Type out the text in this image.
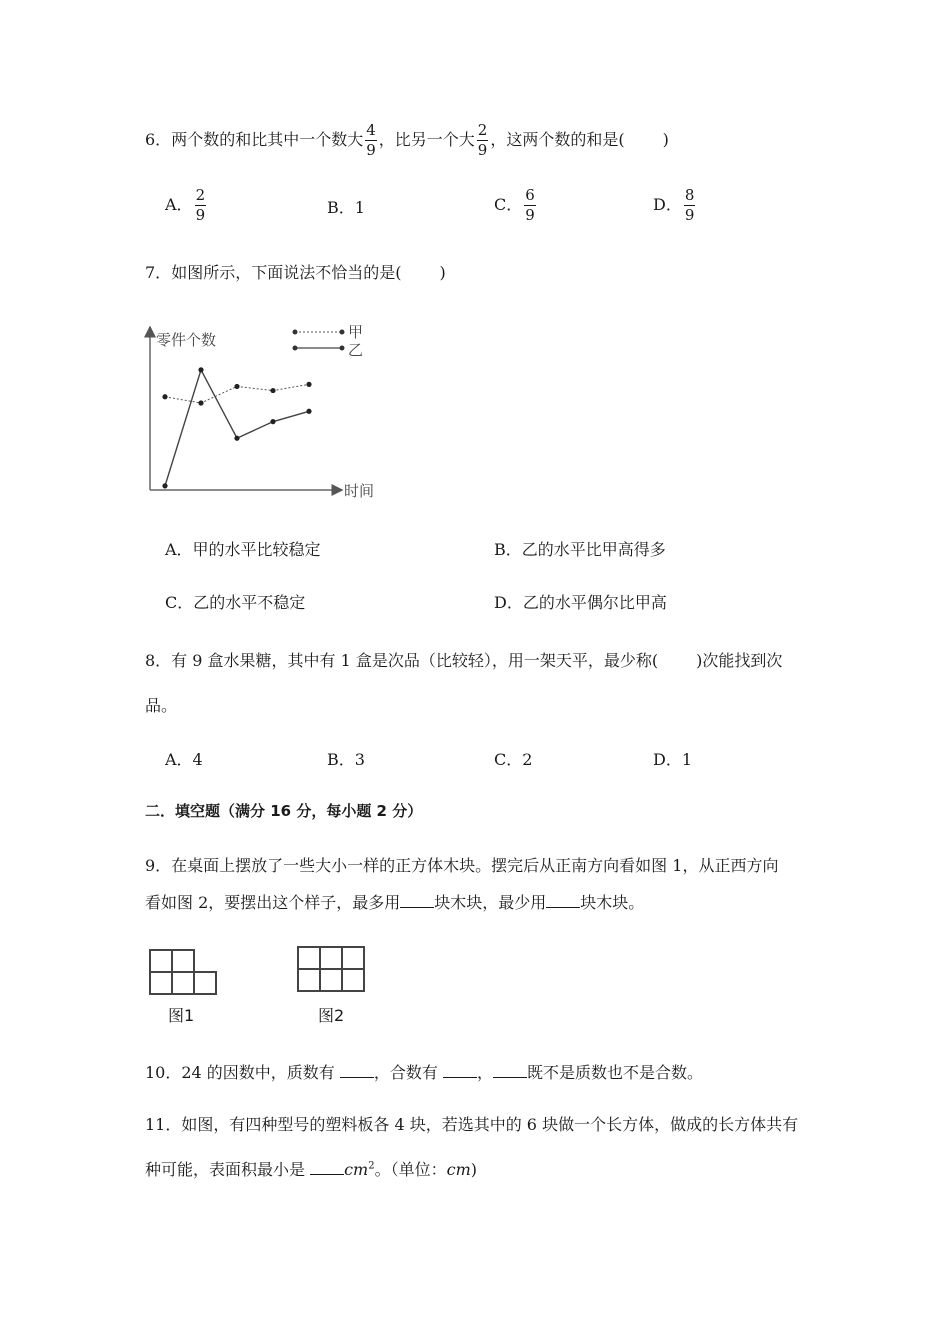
6．两个数的和比其中一个数大 $\frac{4}{9}$ ，比另一个大 $\frac{2}{9}$ ，这两个数的和是( )
A． $\frac{2}{9}$	B．1	C． $\frac{6}{9}$	D． $\frac{8}{9}$
7．如图所示，下面说法不恰当的是( )
零件个数
时间
甲
乙
A．甲的水平比较稳定	B．乙的水平比甲高得多
C．乙的水平不稳定	D．乙的水平偶尔比甲高
8．有 9 盒水果糖，其中有 1 盒是次品（比较轻），用一架天平，最少称( )次能找到次
品。
A．4	B．3	C．2	D．1
二．填空题（满分 16 分，每小题 2 分）
9．在桌面上摆放了一些大小一样的正方体木块。摆完后从正南方向看如图 1，从正西方向
看如图 2，要摆出这个样子，最多用 块木块，最少用 块木块。
图1	图2
10．24 的因数中，质数有 ，合数有 ， 既不是质数也不是合数。
11．如图，有四种型号的塑料板各 4 块，若选其中的 6 块做一个长方体，做成的长方体共有
种可能，表面积最小是 $cm^2$。（单位：cm)
